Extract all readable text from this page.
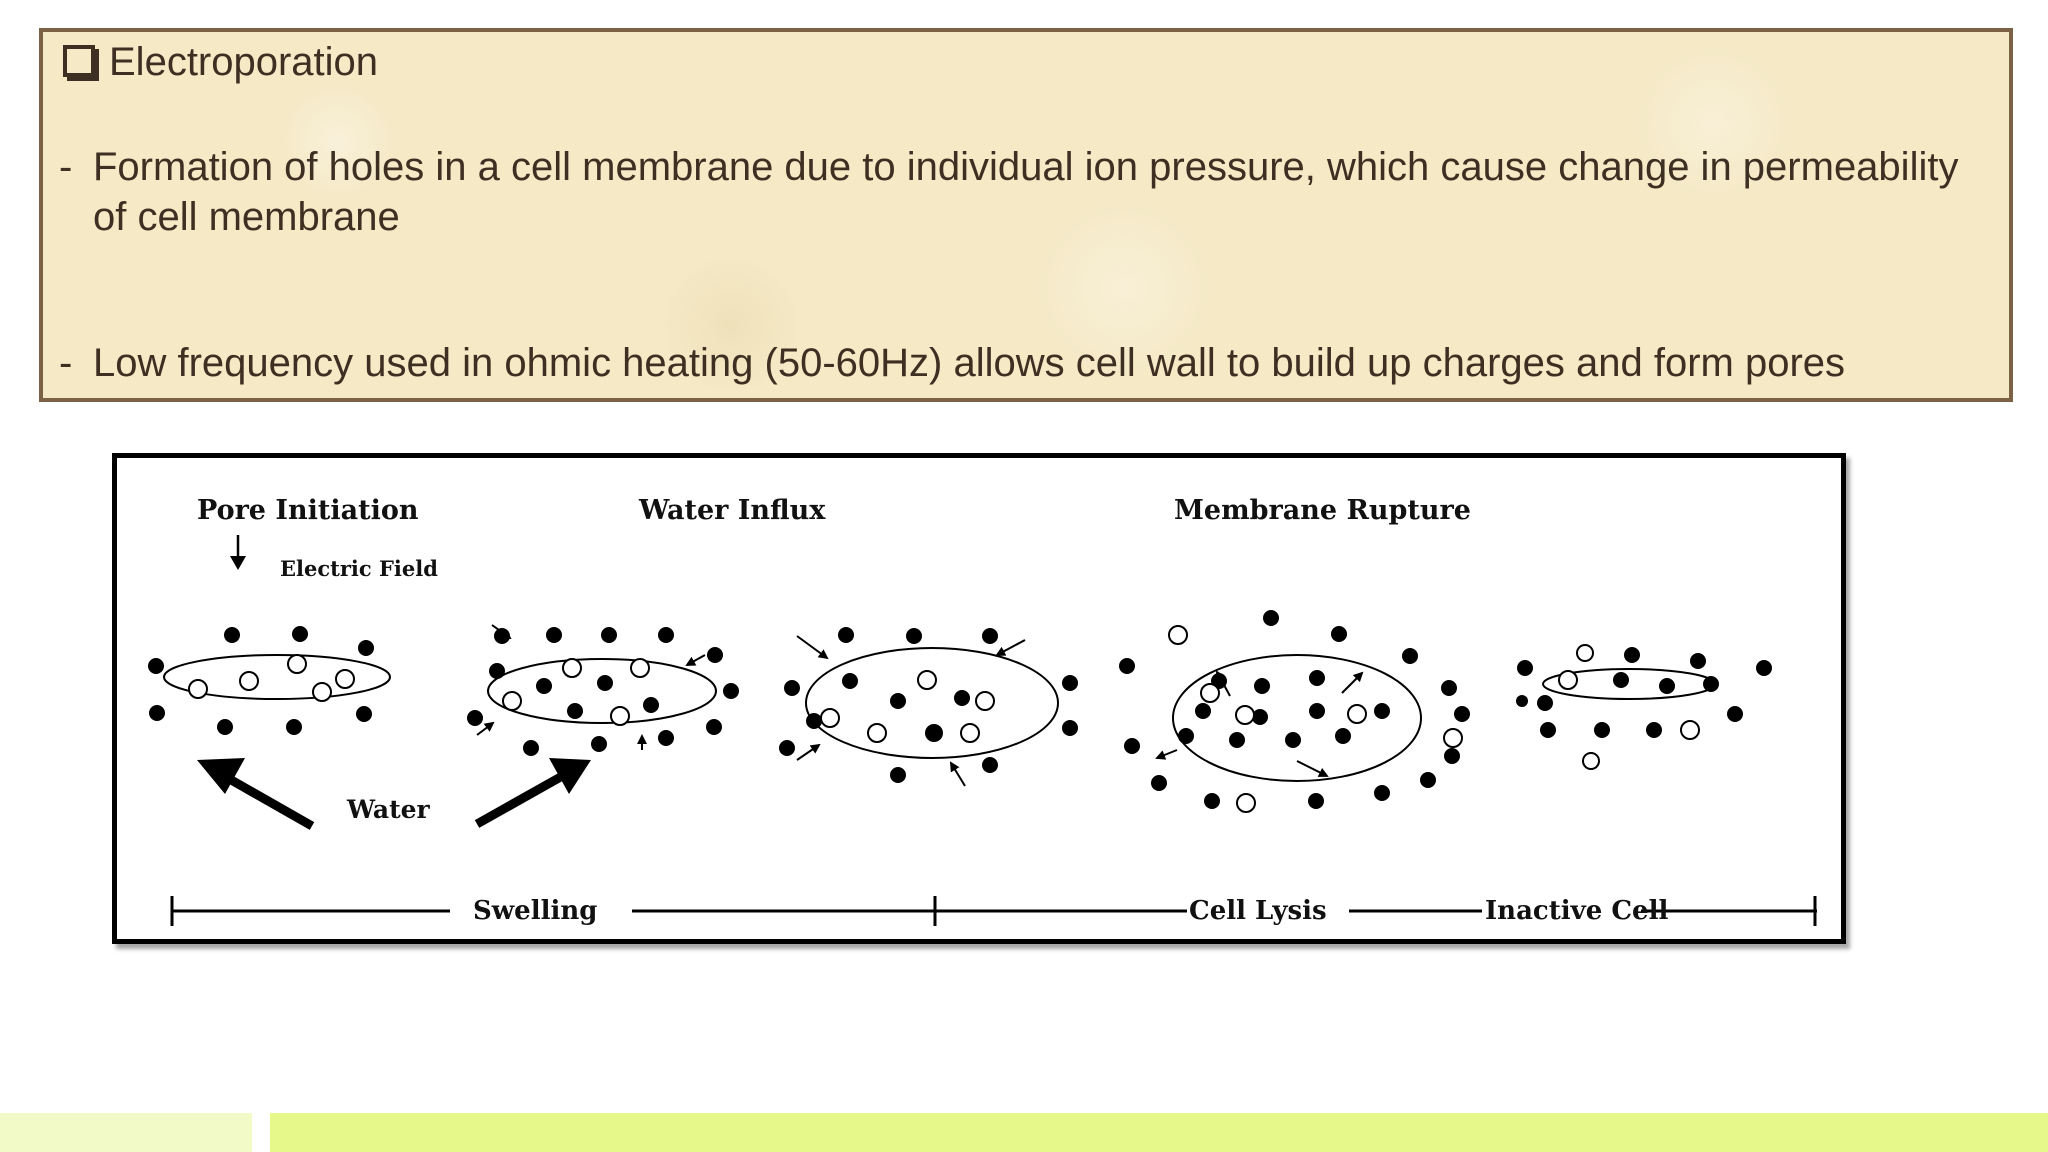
Electroporation
- Formation of holes in a cell membrane due to individual ion pressure, which cause change in permeability of cell membrane
- Low frequency used in ohmic heating (50-60Hz) allows cell wall to build up charges and form pores
Pore Initiation	Water Influx	Membrane Rupture
Electric Field
Water
Swelling	Cell Lysis	Inactive Cell
